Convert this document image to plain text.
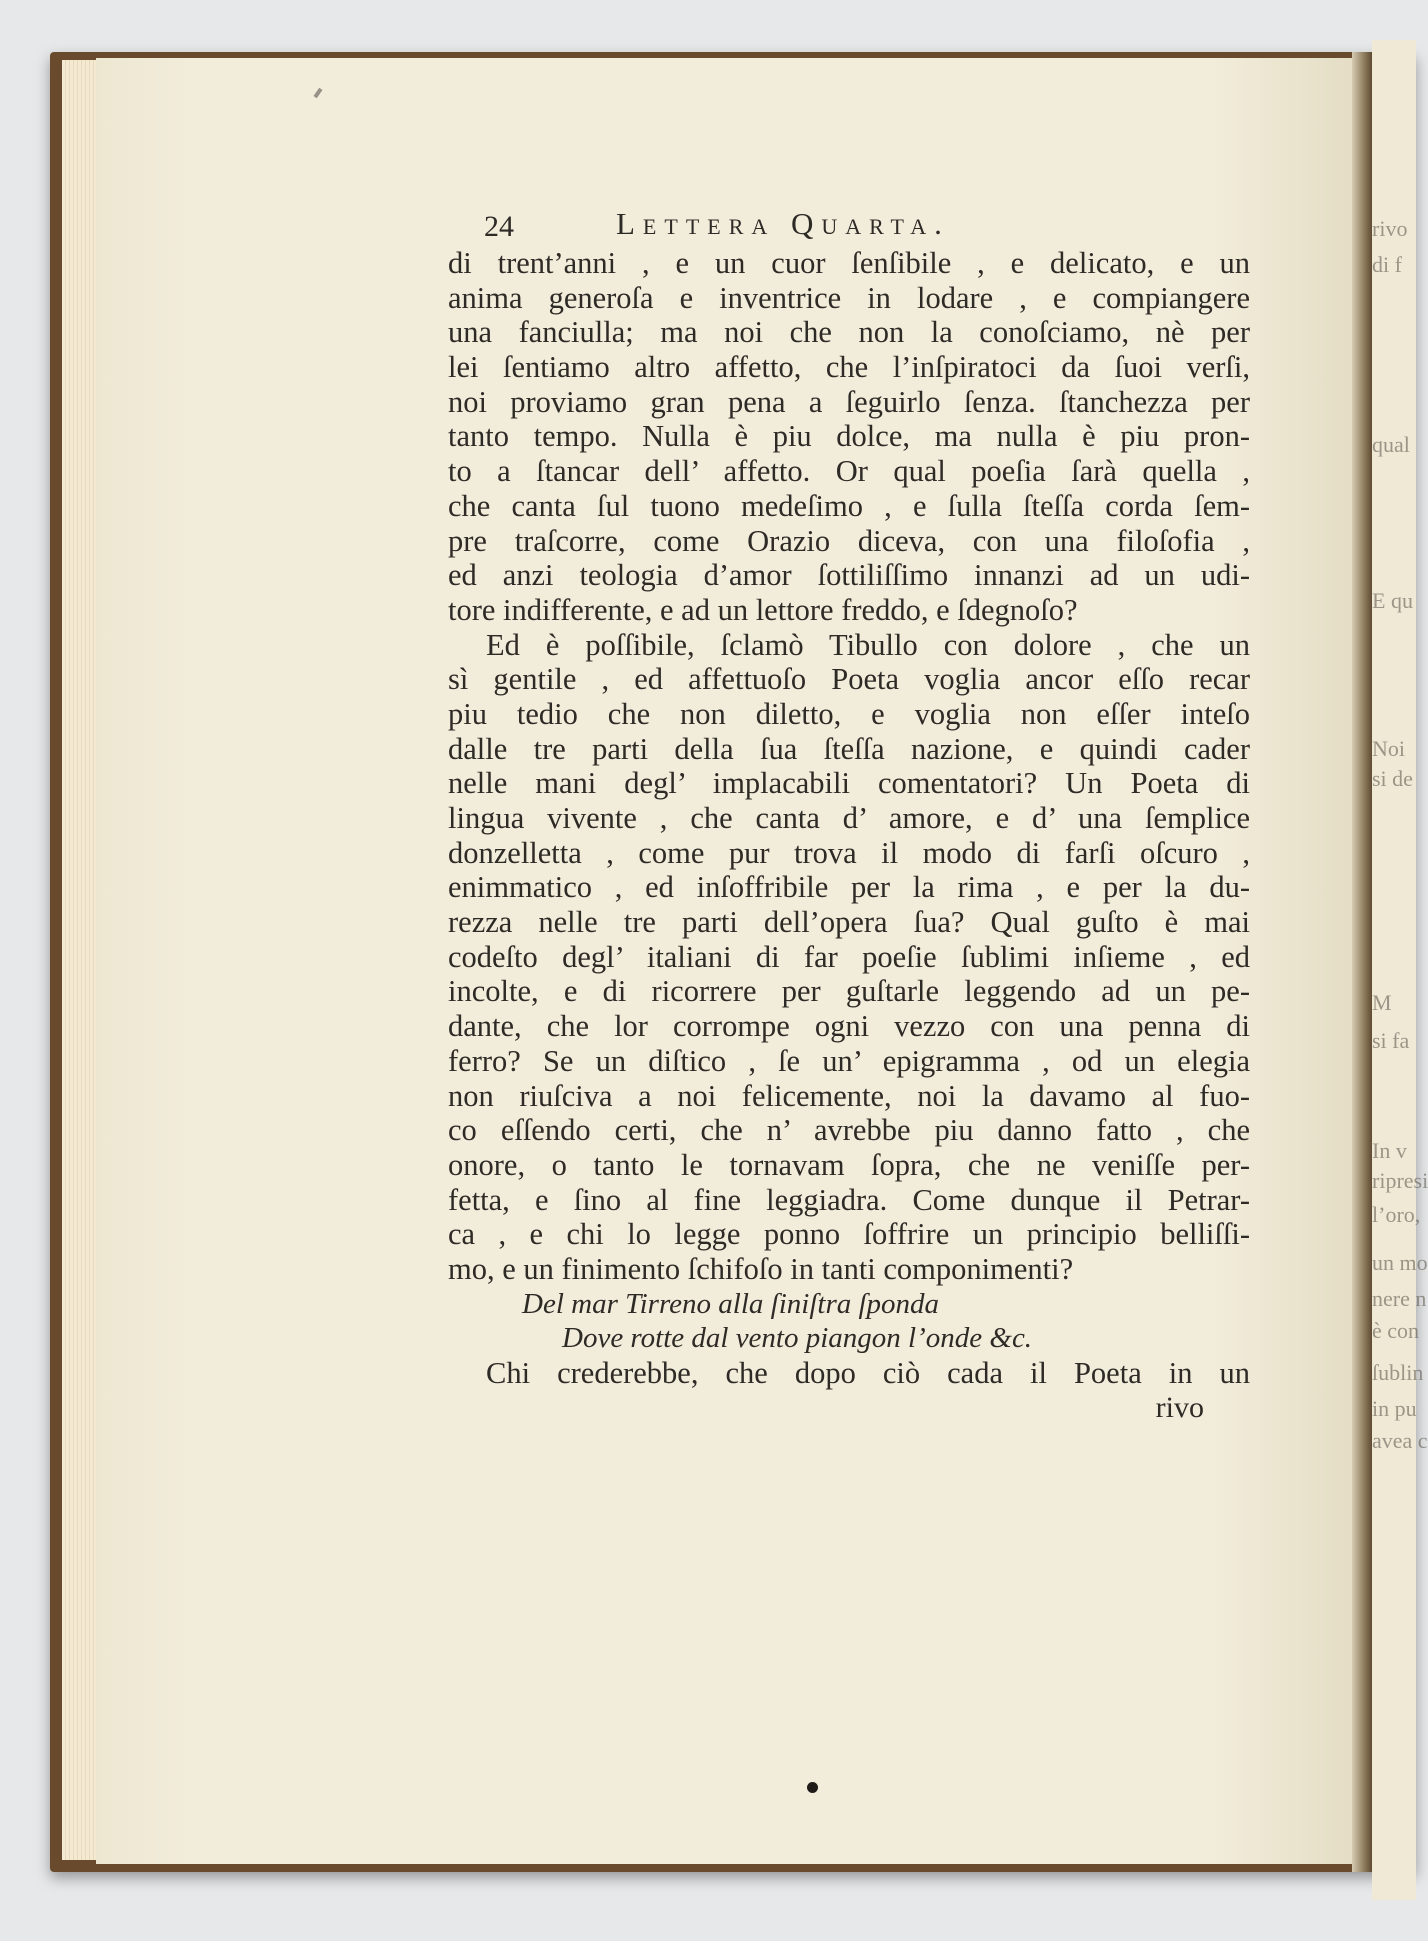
rivo
di f
qual
E qu
Noi
si de
M
si fa
In v
ripresi
l’oro,
un mo
nere n
è con
ſublin
in pu
avea c
24	Lettera Quarta.
di trent’anni , e un cuor ſenſibile , e delicato, e un
anima generoſa e inventrice in lodare , e compiangere
una fanciulla; ma noi che non la conoſciamo, nè per
lei ſentiamo altro affetto, che l’inſpiratoci da ſuoi verſi,
noi proviamo gran pena a ſeguirlo ſenza. ſtanchezza per
tanto tempo. Nulla è piu dolce, ma nulla è piu pron-
to a ſtancar dell’ affetto. Or qual poeſia ſarà quella ,
che canta ſul tuono medeſimo , e ſulla ſteſſa corda ſem-
pre traſcorre, come Orazio diceva, con una filoſofia ,
ed anzi teologia d’amor ſottiliſſimo innanzi ad un udi-
tore indifferente, e ad un lettore freddo, e ſdegnoſo?
Ed è poſſibile, ſclamò Tibullo con dolore , che un
sì gentile , ed affettuoſo Poeta voglia ancor eſſo recar
piu tedio che non diletto, e voglia non eſſer inteſo
dalle tre parti della ſua ſteſſa nazione, e quindi cader
nelle mani degl’ implacabili comentatori? Un Poeta di
lingua vivente , che canta d’ amore, e d’ una ſemplice
donzelletta , come pur trova il modo di farſi oſcuro ,
enimmatico , ed inſoffribile per la rima , e per la du-
rezza nelle tre parti dell’opera ſua? Qual guſto è mai
codeſto degl’ italiani di far poeſie ſublimi inſieme , ed
incolte, e di ricorrere per guſtarle leggendo ad un pe-
dante, che lor corrompe ogni vezzo con una penna di
ferro? Se un diſtico , ſe un’ epigramma , od un elegia
non riuſciva a noi felicemente, noi la davamo al fuo-
co eſſendo certi, che n’ avrebbe piu danno fatto , che
onore, o tanto le tornavam ſopra, che ne veniſſe per-
fetta, e ſino al fine leggiadra. Come dunque il Petrar-
ca , e chi lo legge ponno ſoffrire un principio belliſſi-
mo, e un finimento ſchifoſo in tanti componimenti?
Del mar Tirreno alla ſiniſtra ſponda
Dove rotte dal vento piangon l’onde &c.
Chi crederebbe, che dopo ciò cada il Poeta in un
rivo
